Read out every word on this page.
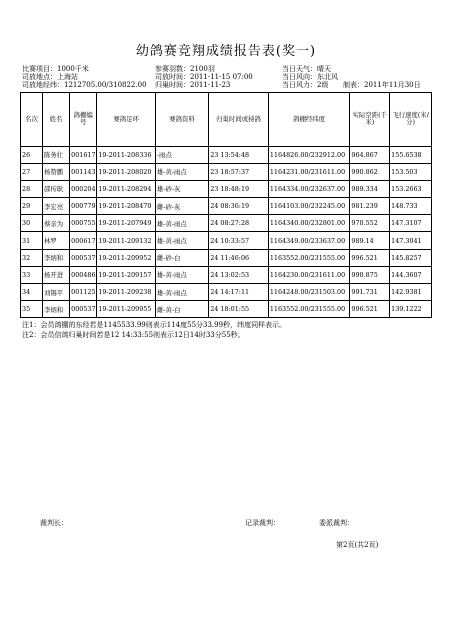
幼鸽赛竞翔成绩报告表(奖一)
比赛项目：1000千米	参赛羽数：2100羽	当日天气：晴天
司放地点：上海站	司放时间：2011-11-15 07:00	当日风向：东北风
司放地经纬：1212705.00/310822.00 归巢时间：2011-11-23	当日风力：2级 制表：2011年11月30日
名次	姓名	鸽棚编号	赛鸽足环	赛鸽资料		归巢时间或持鸽	鸽棚经纬度	实际空距(千米)	飞行速度(米/分)
26	陈务壮	001617	19-2011-208336	-雨点	23 13:54:48	1164826.00/232912.00	964.867	155.6538
27	杨赞鹏	001143	19-2011-208020	雄-黄-雨点	23 18:57:37	1164231.00/231611.00	990.862	153.503
28	邵传耿	000204	19-2011-208294	雄-砂-灰	23 18:48:19	1164334.00/232637.00	989.334	153.2663
29	李宏亮	000779	19-2011-208470	雌-砂-灰	24 08:36:19	1164103.00/232245.00	981.239	148.733
30	蔡亲为	000755	19-2011-207949	雄-黄-雨点	24 08:27:28	1164340.00/232801.00	970.552	147.3107
31	林罗	000617	19-2011-209132	雄-黄-雨点	24 10:33:57	1164349.00/233637.00	989.14	147.3041
32	李炳和	000537	19-2011-209952	雌-砂-白	24 11:46:06	1163552.00/231555.00	996.521	145.8257
33	杨开进	000486	19-2011-209157	雄-黄-雨点	24 13:02:53	1164230.00/231611.00	990.875	144.3607
34	刘锡平	001125	19-2011-209238	雄-黄-雨点	24 14:17:11	1164248.00/231503.00	991.731	142.9381
35	李炳和	000537	19-2011-209955	雌-黄-白	24 18:01:55	1163552.00/231555.00	996.521	139.1222
注1：会员鸽棚的东经若是1145533.99则表示114度55分33.99秒，纬度同样表示。
注2：会员信鸽归巢时间若是12 14:33:55则表示12日14时33分55秒。
裁判长：	记录裁判：	委派裁判：
第2页(共2页)
